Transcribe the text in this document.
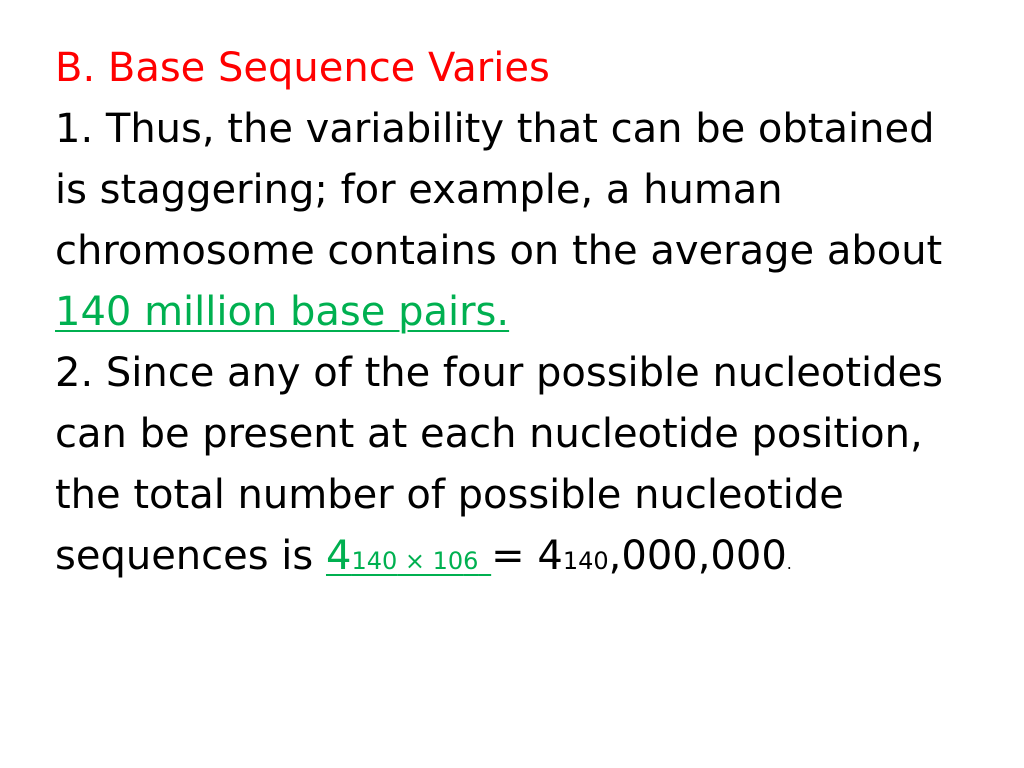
B. Base Sequence Varies
1. Thus, the variability that can be obtained
is staggering; for example, a human
chromosome contains on the average about
140 million base pairs.
2. Since any of the four possible nucleotides
can be present at each nucleotide position,
the total number of possible nucleotide
sequences is 4140 × 106 = 4140,000,000.
